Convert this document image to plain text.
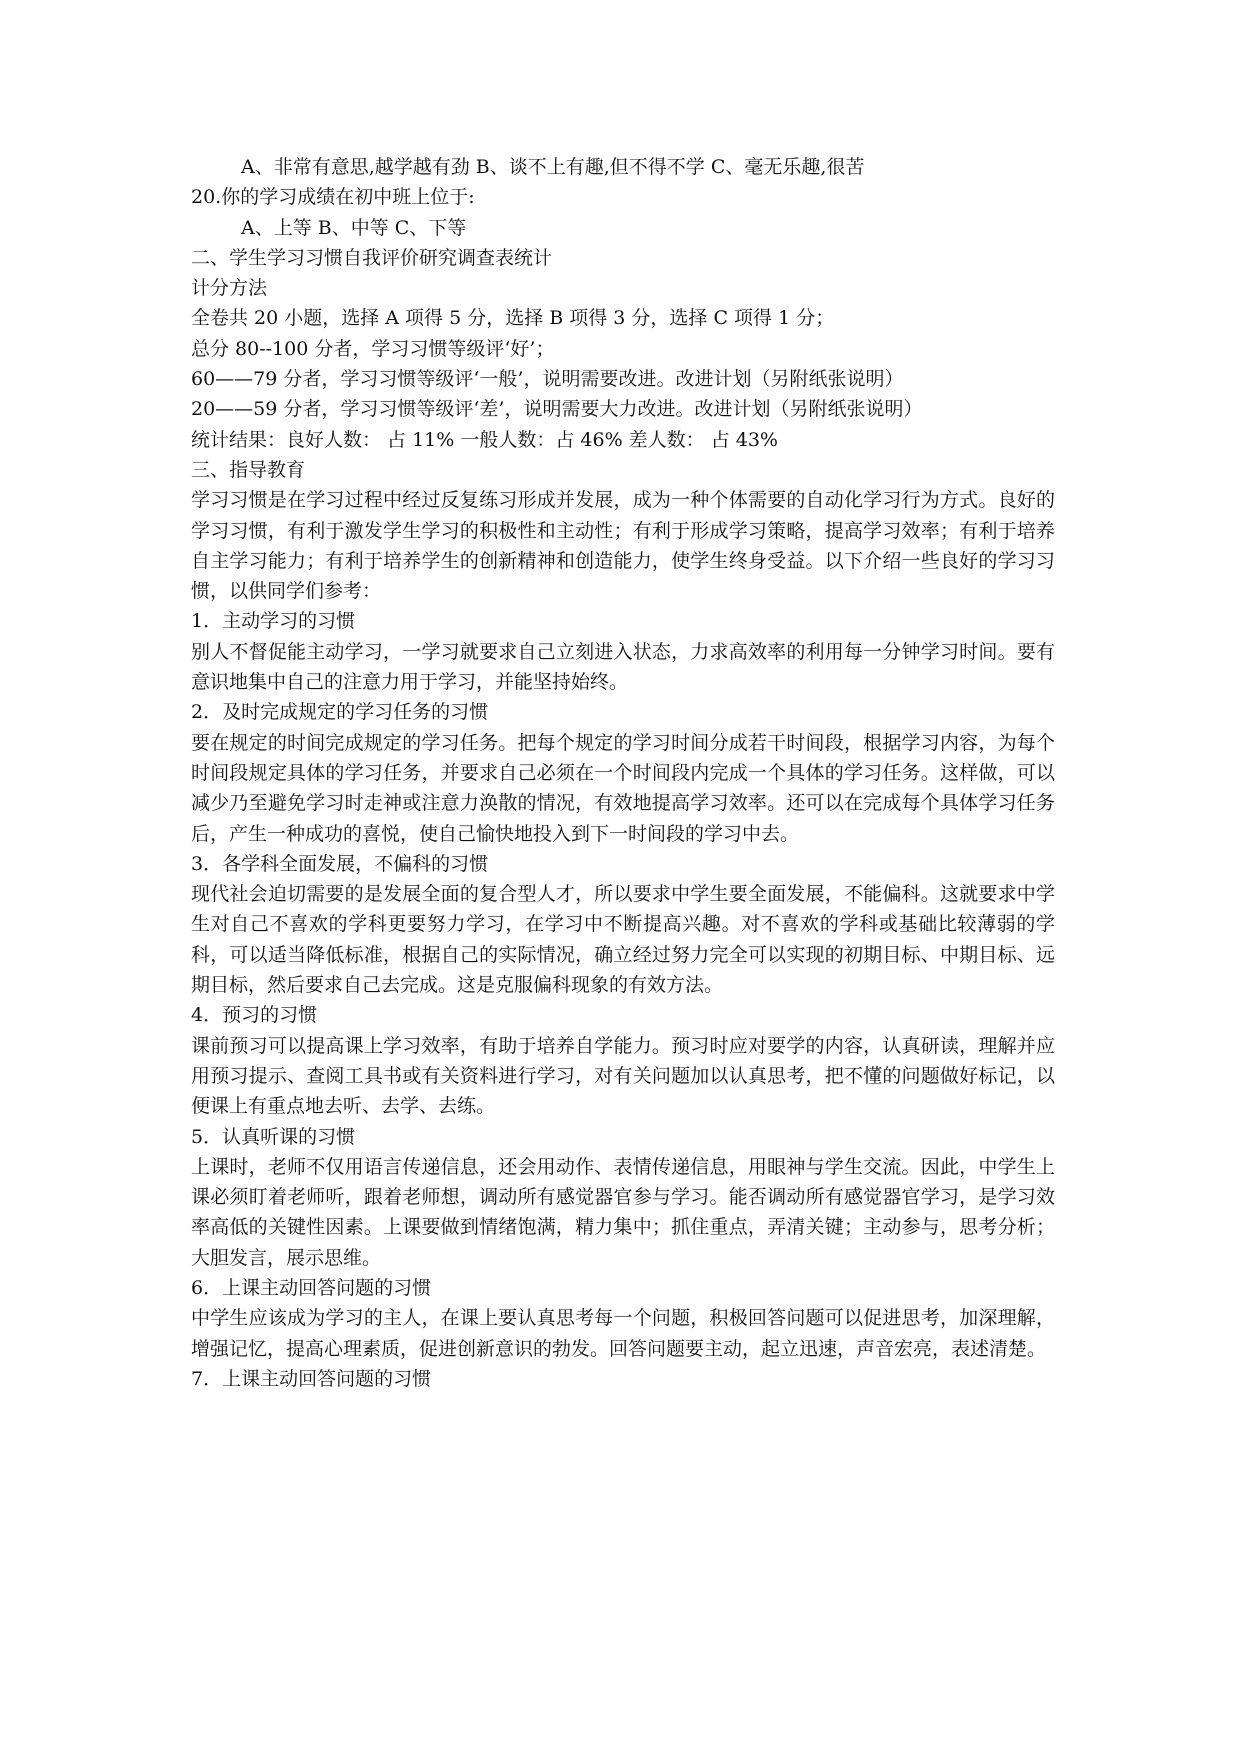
A、非常有意思,越学越有劲 B、谈不上有趣,但不得不学 C、毫无乐趣,很苦
20.你的学习成绩在初中班上位于:
A、上等 B、中等 C、下等
二、学生学习习惯自我评价研究调查表统计
计分方法
全卷共 20 小题，选择 A 项得 5 分，选择 B 项得 3 分，选择 C 项得 1 分；
总分 80--100 分者，学习习惯等级评‘好’；
60——79 分者，学习习惯等级评‘一般’，说明需要改进。改进计划（另附纸张说明）
20——59 分者，学习习惯等级评‘差’，说明需要大力改进。改进计划（另附纸张说明）
统计结果：良好人数： 占 11% 一般人数：占 46% 差人数： 占 43%
三、指导教育
学习习惯是在学习过程中经过反复练习形成并发展，成为一种个体需要的自动化学习行为方式。良好的学习习惯，有利于激发学生学习的积极性和主动性；有利于形成学习策略，提高学习效率；有利于培养自主学习能力；有利于培养学生的创新精神和创造能力，使学生终身受益。以下介绍一些良好的学习习惯，以供同学们参考：
1．主动学习的习惯
别人不督促能主动学习，一学习就要求自己立刻进入状态，力求高效率的利用每一分钟学习时间。要有意识地集中自己的注意力用于学习，并能坚持始终。
2．及时完成规定的学习任务的习惯
要在规定的时间完成规定的学习任务。把每个规定的学习时间分成若干时间段，根据学习内容，为每个时间段规定具体的学习任务，并要求自己必须在一个时间段内完成一个具体的学习任务。这样做，可以减少乃至避免学习时走神或注意力涣散的情况，有效地提高学习效率。还可以在完成每个具体学习任务后，产生一种成功的喜悦，使自己愉快地投入到下一时间段的学习中去。
3．各学科全面发展，不偏科的习惯
现代社会迫切需要的是发展全面的复合型人才，所以要求中学生要全面发展，不能偏科。这就要求中学生对自己不喜欢的学科更要努力学习，在学习中不断提高兴趣。对不喜欢的学科或基础比较薄弱的学科，可以适当降低标准，根据自己的实际情况，确立经过努力完全可以实现的初期目标、中期目标、远期目标，然后要求自己去完成。这是克服偏科现象的有效方法。
4．预习的习惯
课前预习可以提高课上学习效率，有助于培养自学能力。预习时应对要学的内容，认真研读，理解并应用预习提示、查阅工具书或有关资料进行学习，对有关问题加以认真思考，把不懂的问题做好标记，以便课上有重点地去听、去学、去练。
5．认真听课的习惯
上课时，老师不仅用语言传递信息，还会用动作、表情传递信息，用眼神与学生交流。因此，中学生上课必须盯着老师听，跟着老师想，调动所有感觉器官参与学习。能否调动所有感觉器官学习，是学习效率高低的关键性因素。上课要做到情绪饱满，精力集中；抓住重点，弄清关键；主动参与，思考分析；大胆发言，展示思维。
6．上课主动回答问题的习惯
中学生应该成为学习的主人，在课上要认真思考每一个问题，积极回答问题可以促进思考，加深理解，增强记忆，提高心理素质，促进创新意识的勃发。回答问题要主动，起立迅速，声音宏亮，表述清楚。
7．上课主动回答问题的习惯
